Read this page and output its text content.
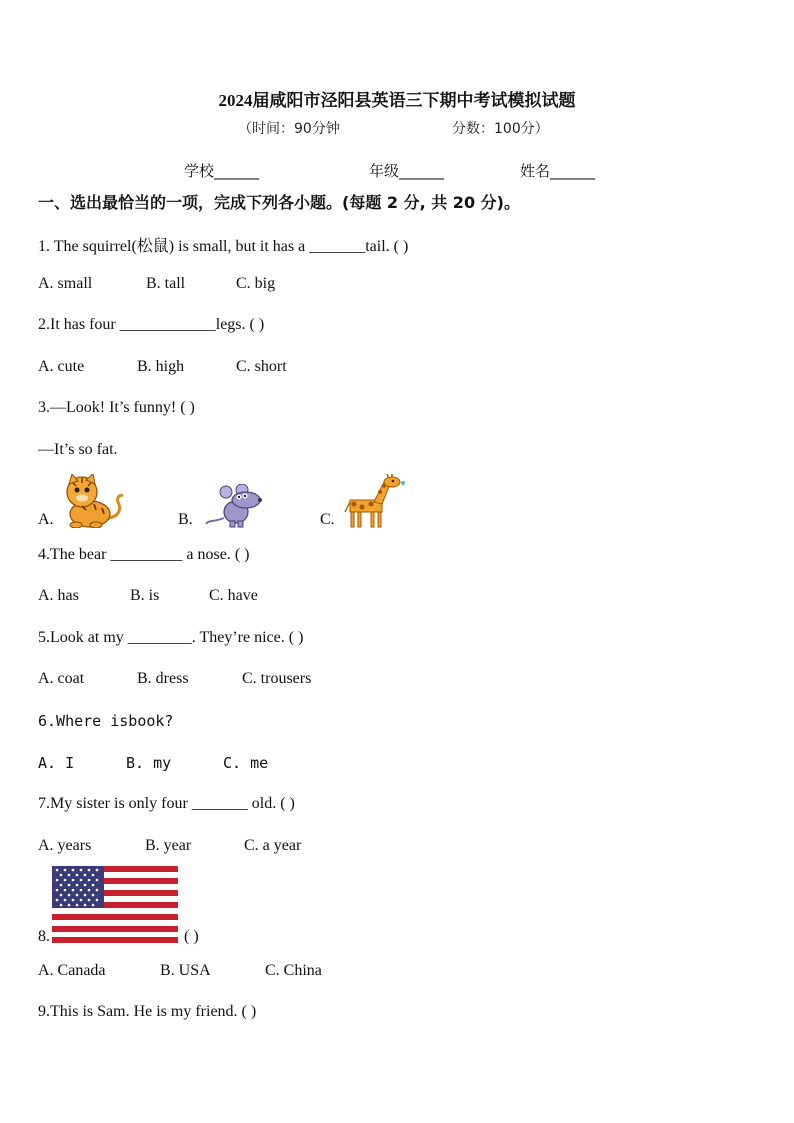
2024届咸阳市泾阳县英语三下期中考试模拟试题
（时间：90分钟	分数：100分）
学校______	年级______	姓名______
一、选出最恰当的一项，完成下列各小题。(每题 2 分, 共 20 分)。
1. The squirrel(松鼠) is small, but it has a _______tail. ( )
A. small	B. tall	C. big
2.It has four ____________legs. ( )
A. cute	B. high	C. short
3.—Look! It’s funny! ( )
—It’s so fat.
A.	B.	C.
4.The bear _________ a nose. ( )
A. has	B. is	C. have
5.Look at my ________. They’re nice. ( )
A. coat	B. dress	C. trousers
6.Where isbook?
A. I	B. my	C. me
7.My sister is only four _______ old. ( )
A. years	B. year	C. a year
8.	( )
A. Canada	B. USA	C. China
9.This is Sam. He is my friend. ( )
